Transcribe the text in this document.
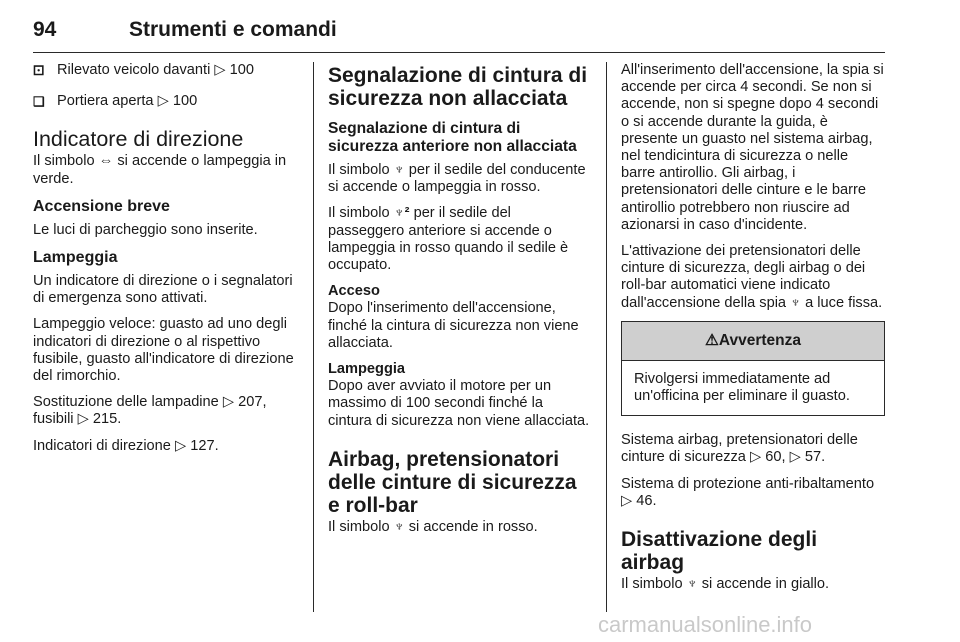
94	Strumenti e comandi
⚀ Rilevato veicolo davanti ▷ 100
❑ Portiera aperta ▷ 100
Indicatore di direzione

Il simbolo ⇔ si accende o lampeggia in verde.

Accensione breve

Le luci di parcheggio sono inserite.

Lampeggia

Un indicatore di direzione o i segnalatori di emergenza sono attivati.

Lampeggio veloce: guasto ad uno degli indicatori di direzione o al rispettivo fusibile, guasto all'indicatore di direzione del rimorchio.

Sostituzione delle lampadine ▷ 207, fusibili ▷ 215.

Indicatori di direzione ▷ 127.

Segnalazione di cintura di sicurezza non allacciata
Segnalazione di cintura di sicurezza anteriore non allacciata

Il simbolo ♆ per il sedile del conducente si accende o lampeggia in rosso.

Il simbolo ♆² per il sedile del passeggero anteriore si accende o lampeggia in rosso quando il sedile è occupato.

Acceso

Dopo l'inserimento dell'accensione, finché la cintura di sicurezza non viene allacciata.

Lampeggia

Dopo aver avviato il motore per un massimo di 100 secondi finché la cintura di sicurezza non viene allacciata.

Airbag, pretensionatori delle cinture di sicurezza e roll-bar

Il simbolo ♆ si accende in rosso.

All'inserimento dell'accensione, la spia si accende per circa 4 secondi. Se non si accende, non si spegne dopo 4 secondi o si accende durante la guida, è presente un guasto nel sistema airbag, nel tendicintura di sicurezza o nelle barre antirollio. Gli airbag, i pretensionatori delle cinture e le barre antirollio potrebbero non riuscire ad azionarsi in caso d'incidente.

L'attivazione dei pretensionatori delle cinture di sicurezza, degli airbag o dei roll-bar automatici viene indicato dall'accensione della spia ♆ a luce fissa.

⚠Avvertenza
Rivolgersi immediatamente ad un'officina per eliminare il guasto.

Sistema airbag, pretensionatori delle cinture di sicurezza ▷ 60, ▷ 57.

Sistema di protezione anti-ribaltamento ▷ 46.

Disattivazione degli airbag

Il simbolo ♆ si accende in giallo.

carmanualsonline.info
